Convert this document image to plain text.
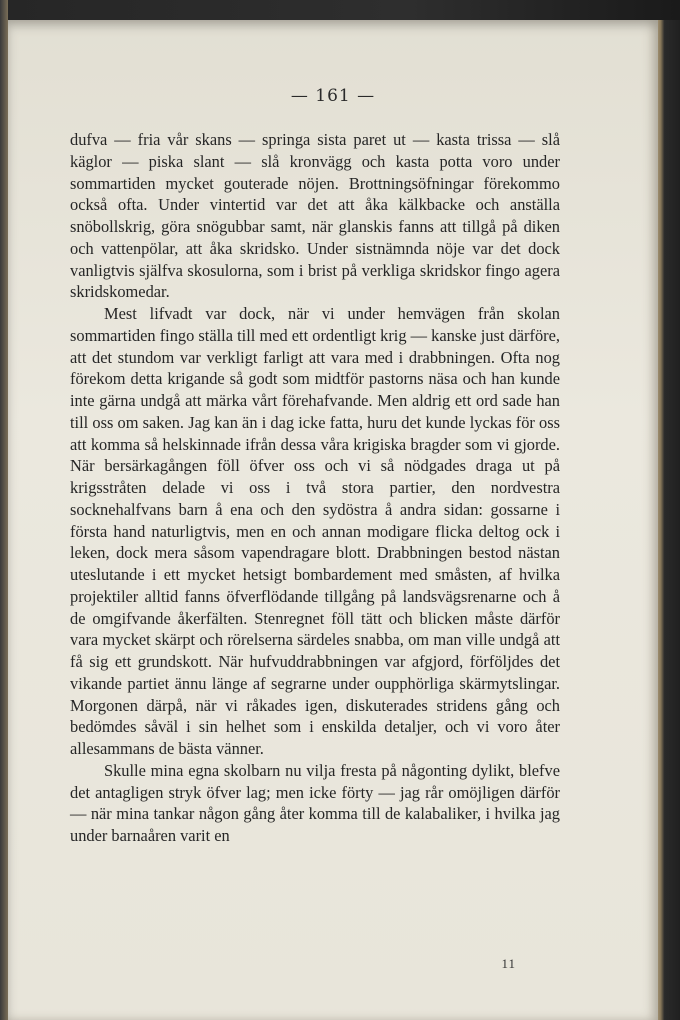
— 161 —

dufva — fria vår skans — springa sista paret ut — kasta trissa — slå käglor — piska slant — slå kronvägg och kasta potta voro under sommartiden mycket gouterade nöjen. Brottningsöfningar förekommo också ofta. Under vintertid var det att åka kälkbacke och anställa snöbollskrig, göra snögubbar samt, när glanskis fanns att tillgå på diken och vattenpölar, att åka skridsko. Under sistnämnda nöje var det dock vanligtvis själfva skosulorna, som i brist på verkliga skridskor fingo agera skridskomedar.

Mest lifvadt var dock, när vi under hemvägen från skolan sommartiden fingo ställa till med ett ordentligt krig — kanske just därföre, att det stundom var verkligt farligt att vara med i drabbningen. Ofta nog förekom detta krigande så godt som midtför pastorns näsa och han kunde inte gärna undgå att märka vårt förehafvande. Men aldrig ett ord sade han till oss om saken. Jag kan än i dag icke fatta, huru det kunde lyckas för oss att komma så helskinnade ifrån dessa våra krigiska bragder som vi gjorde. När bersärkagången föll öfver oss och vi så nödgades draga ut på krigsstråten delade vi oss i två stora partier, den nordvestra socknehalfvans barn å ena och den sydöstra å andra sidan: gossarne i första hand naturligtvis, men en och annan modigare flicka deltog ock i leken, dock mera såsom vapendragare blott. Drabbningen bestod nästan uteslutande i ett mycket hetsigt bombardement med småsten, af hvilka projektiler alltid fanns öfverflödande tillgång på landsvägsrenarne och å de omgifvande åkerfälten. Stenregnet föll tätt och blicken måste därför vara mycket skärpt och rörelserna särdeles snabba, om man ville undgå att få sig ett grundskott. När hufvuddrabbningen var afgjord, förföljdes det vikande partiet ännu länge af segrarne under oupphörliga skärmytslingar. Morgonen därpå, när vi råkades igen, diskuterades stridens gång och bedömdes såväl i sin helhet som i enskilda detaljer, och vi voro åter allesammans de bästa vänner.

Skulle mina egna skolbarn nu vilja fresta på någonting dylikt, blefve det antagligen stryk öfver lag; men icke förty — jag rår omöjligen därför — när mina tankar någon gång åter komma till de kalabaliker, i hvilka jag under barnaåren varit en

11
